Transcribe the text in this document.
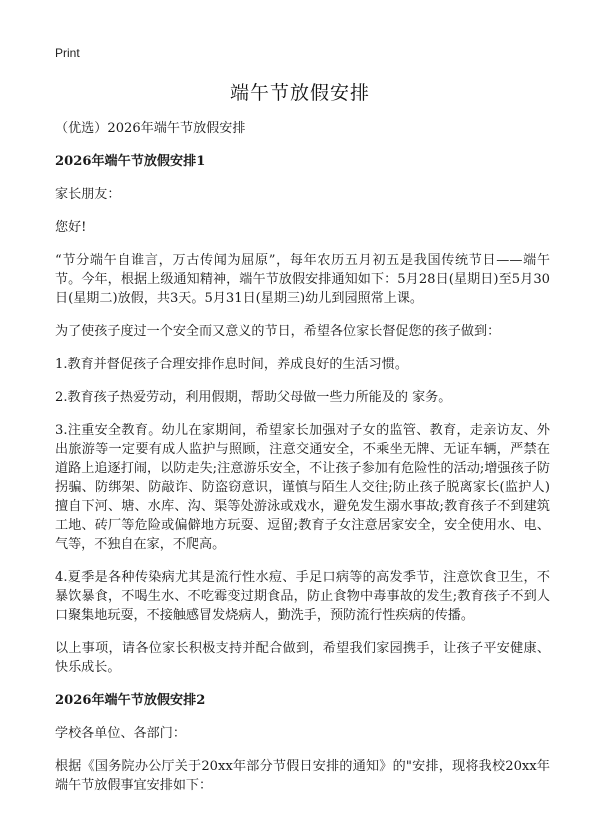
Print
端午节放假安排

（优选）2026年端午节放假安排

2026年端午节放假安排1

家长朋友：

您好!

“节分端午自谁言，万古传闻为屈原”，每年农历五月初五是我国传统节日——端午节。今年，根据上级通知精神，端午节放假安排通知如下：5月28日(星期日)至5月30日(星期二)放假，共3天。5月31日(星期三)幼儿到园照常上课。

为了使孩子度过一个安全而又意义的节日，希望各位家长督促您的孩子做到：

1.教育并督促孩子合理安排作息时间，养成良好的生活习惯。

2.教育孩子热爱劳动，利用假期，帮助父母做一些力所能及的 家务。

3.注重安全教育。幼儿在家期间，希望家长加强对子女的监管、教育，走亲访友、外出旅游等一定要有成人监护与照顾，注意交通安全，不乘坐无牌、无证车辆，严禁在道路上追逐打闹，以防走失;注意游乐安全，不让孩子参加有危险性的活动;增强孩子防拐骗、防绑架、防敲诈、防盗窃意识，谨慎与陌生人交往;防止孩子脱离家长(监护人)擅自下河、塘、水库、沟、渠等处游泳或戏水，避免发生溺水事故;教育孩子不到建筑工地、砖厂等危险或偏僻地方玩耍、逗留;教育子女注意居家安全，安全使用水、电、气等，不独自在家，不爬高。

4.夏季是各种传染病尤其是流行性水痘、手足口病等的高发季节，注意饮食卫生，不暴饮暴食，不喝生水、不吃霉变过期食品，防止食物中毒事故的发生;教育孩子不到人口聚集地玩耍，不接触感冒发烧病人，勤洗手，预防流行性疾病的传播。

以上事项，请各位家长积极支持并配合做到，希望我们家园携手，让孩子平安健康、快乐成长。

2026年端午节放假安排2

学校各单位、各部门：

根据《国务院办公厅关于20xx年部分节假日安排的通知》的"安排，现将我校20xx年端午节放假事宜安排如下：
